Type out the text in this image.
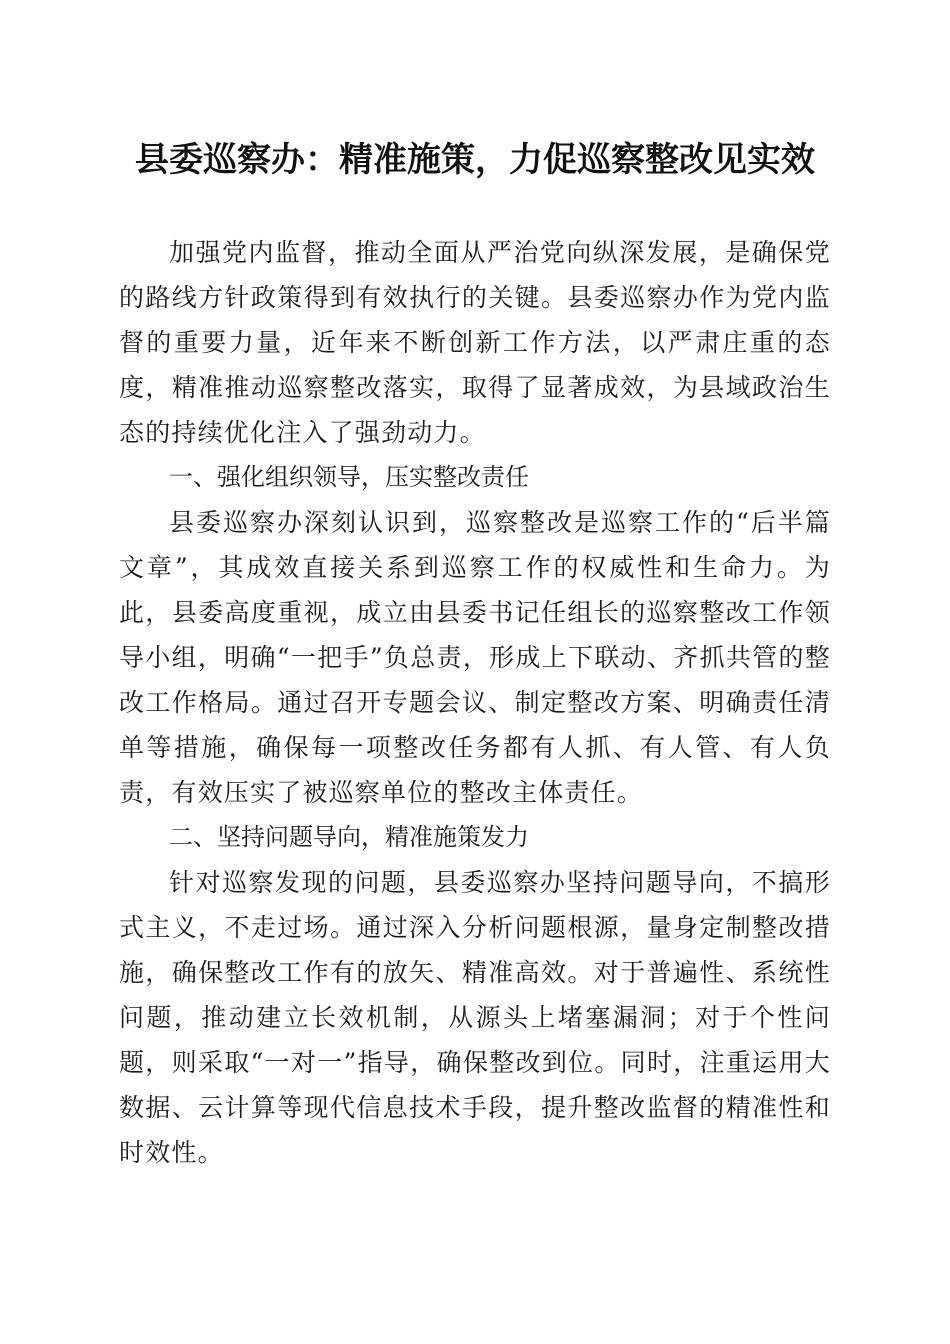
县委巡察办：精准施策，力促巡察整改见实效

加强党内监督，推动全面从严治党向纵深发展，是确保党的路线方针政策得到有效执行的关键。县委巡察办作为党内监督的重要力量，近年来不断创新工作方法，以严肃庄重的态度，精准推动巡察整改落实，取得了显著成效，为县域政治生态的持续优化注入了强劲动力。

一、强化组织领导，压实整改责任

县委巡察办深刻认识到，巡察整改是巡察工作的“后半篇文章”，其成效直接关系到巡察工作的权威性和生命力。为此，县委高度重视，成立由县委书记任组长的巡察整改工作领导小组，明确“一把手”负总责，形成上下联动、齐抓共管的整改工作格局。通过召开专题会议、制定整改方案、明确责任清单等措施，确保每一项整改任务都有人抓、有人管、有人负责，有效压实了被巡察单位的整改主体责任。

二、坚持问题导向，精准施策发力

针对巡察发现的问题，县委巡察办坚持问题导向，不搞形式主义，不走过场。通过深入分析问题根源，量身定制整改措施，确保整改工作有的放矢、精准高效。对于普遍性、系统性问题，推动建立长效机制，从源头上堵塞漏洞；对于个性问题，则采取“一对一”指导，确保整改到位。同时，注重运用大数据、云计算等现代信息技术手段，提升整改监督的精准性和时效性。
